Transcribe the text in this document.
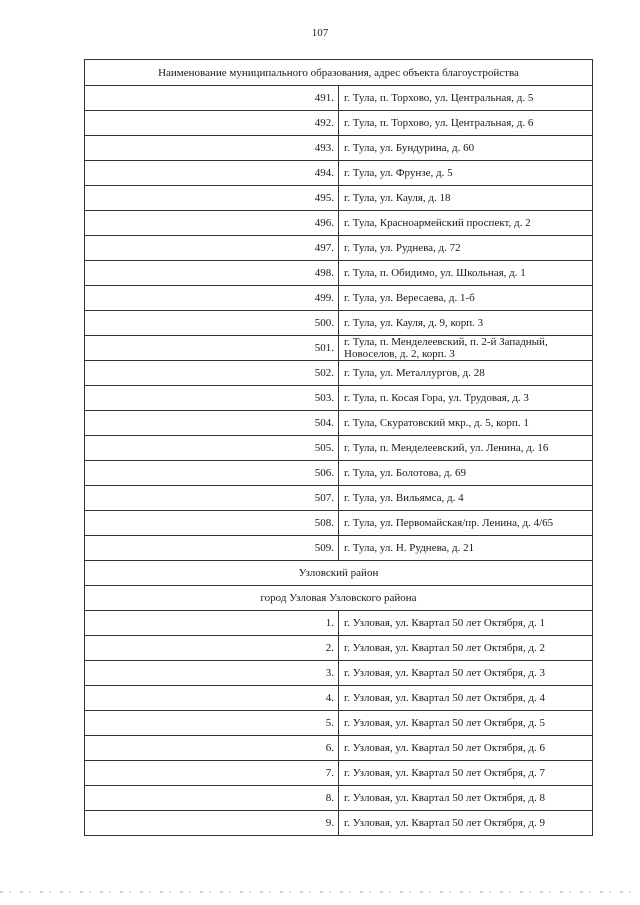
107
Наименование муниципального образования, адрес объекта благоустройства	
491.	г. Тула, п. Торхово, ул. Центральная, д. 5
492.	г. Тула, п. Торхово, ул. Центральная, д. 6
493.	г. Тула, ул. Бундурина, д. 60
494.	г. Тула, ул. Фрунзе, д. 5
495.	г. Тула, ул. Кауля, д. 18
496.	г. Тула, Красноармейский проспект, д. 2
497.	г. Тула, ул. Руднева, д. 72
498.	г. Тула, п. Обидимо, ул. Школьная, д. 1
499.	г. Тула, ул. Вересаева, д. 1-б
500.	г. Тула, ул. Кауля, д. 9, корп. 3
501.	г. Тула, п. Менделеевский, п. 2-й Западный, Новоселов, д. 2, корп. 3
502.	г. Тула, ул. Металлургов, д. 28
503.	г. Тула, п. Косая Гора, ул. Трудовая, д. 3
504.	г. Тула, Скуратовский мкр., д. 5, корп. 1
505.	г. Тула, п. Менделеевский, ул. Ленина, д. 16
506.	г. Тула, ул. Болотова, д. 69
507.	г. Тула, ул. Вильямса, д. 4
508.	г. Тула, ул. Первомайская/пр. Ленина, д. 4/65
509.	г. Тула, ул. Н. Руднева, д. 21
Узловский район	
город Узловая Узловского района	
1.	г. Узловая, ул. Квартал 50 лет Октября, д. 1
2.	г. Узловая, ул. Квартал 50 лет Октября, д. 2
3.	г. Узловая, ул. Квартал 50 лет Октября, д. 3
4.	г. Узловая, ул. Квартал 50 лет Октября, д. 4
5.	г. Узловая, ул. Квартал 50 лет Октября, д. 5
6.	г. Узловая, ул. Квартал 50 лет Октября, д. 6
7.	г. Узловая, ул. Квартал 50 лет Октября, д. 7
8.	г. Узловая, ул. Квартал 50 лет Октября, д. 8
9.	г. Узловая, ул. Квартал 50 лет Октября, д. 9
